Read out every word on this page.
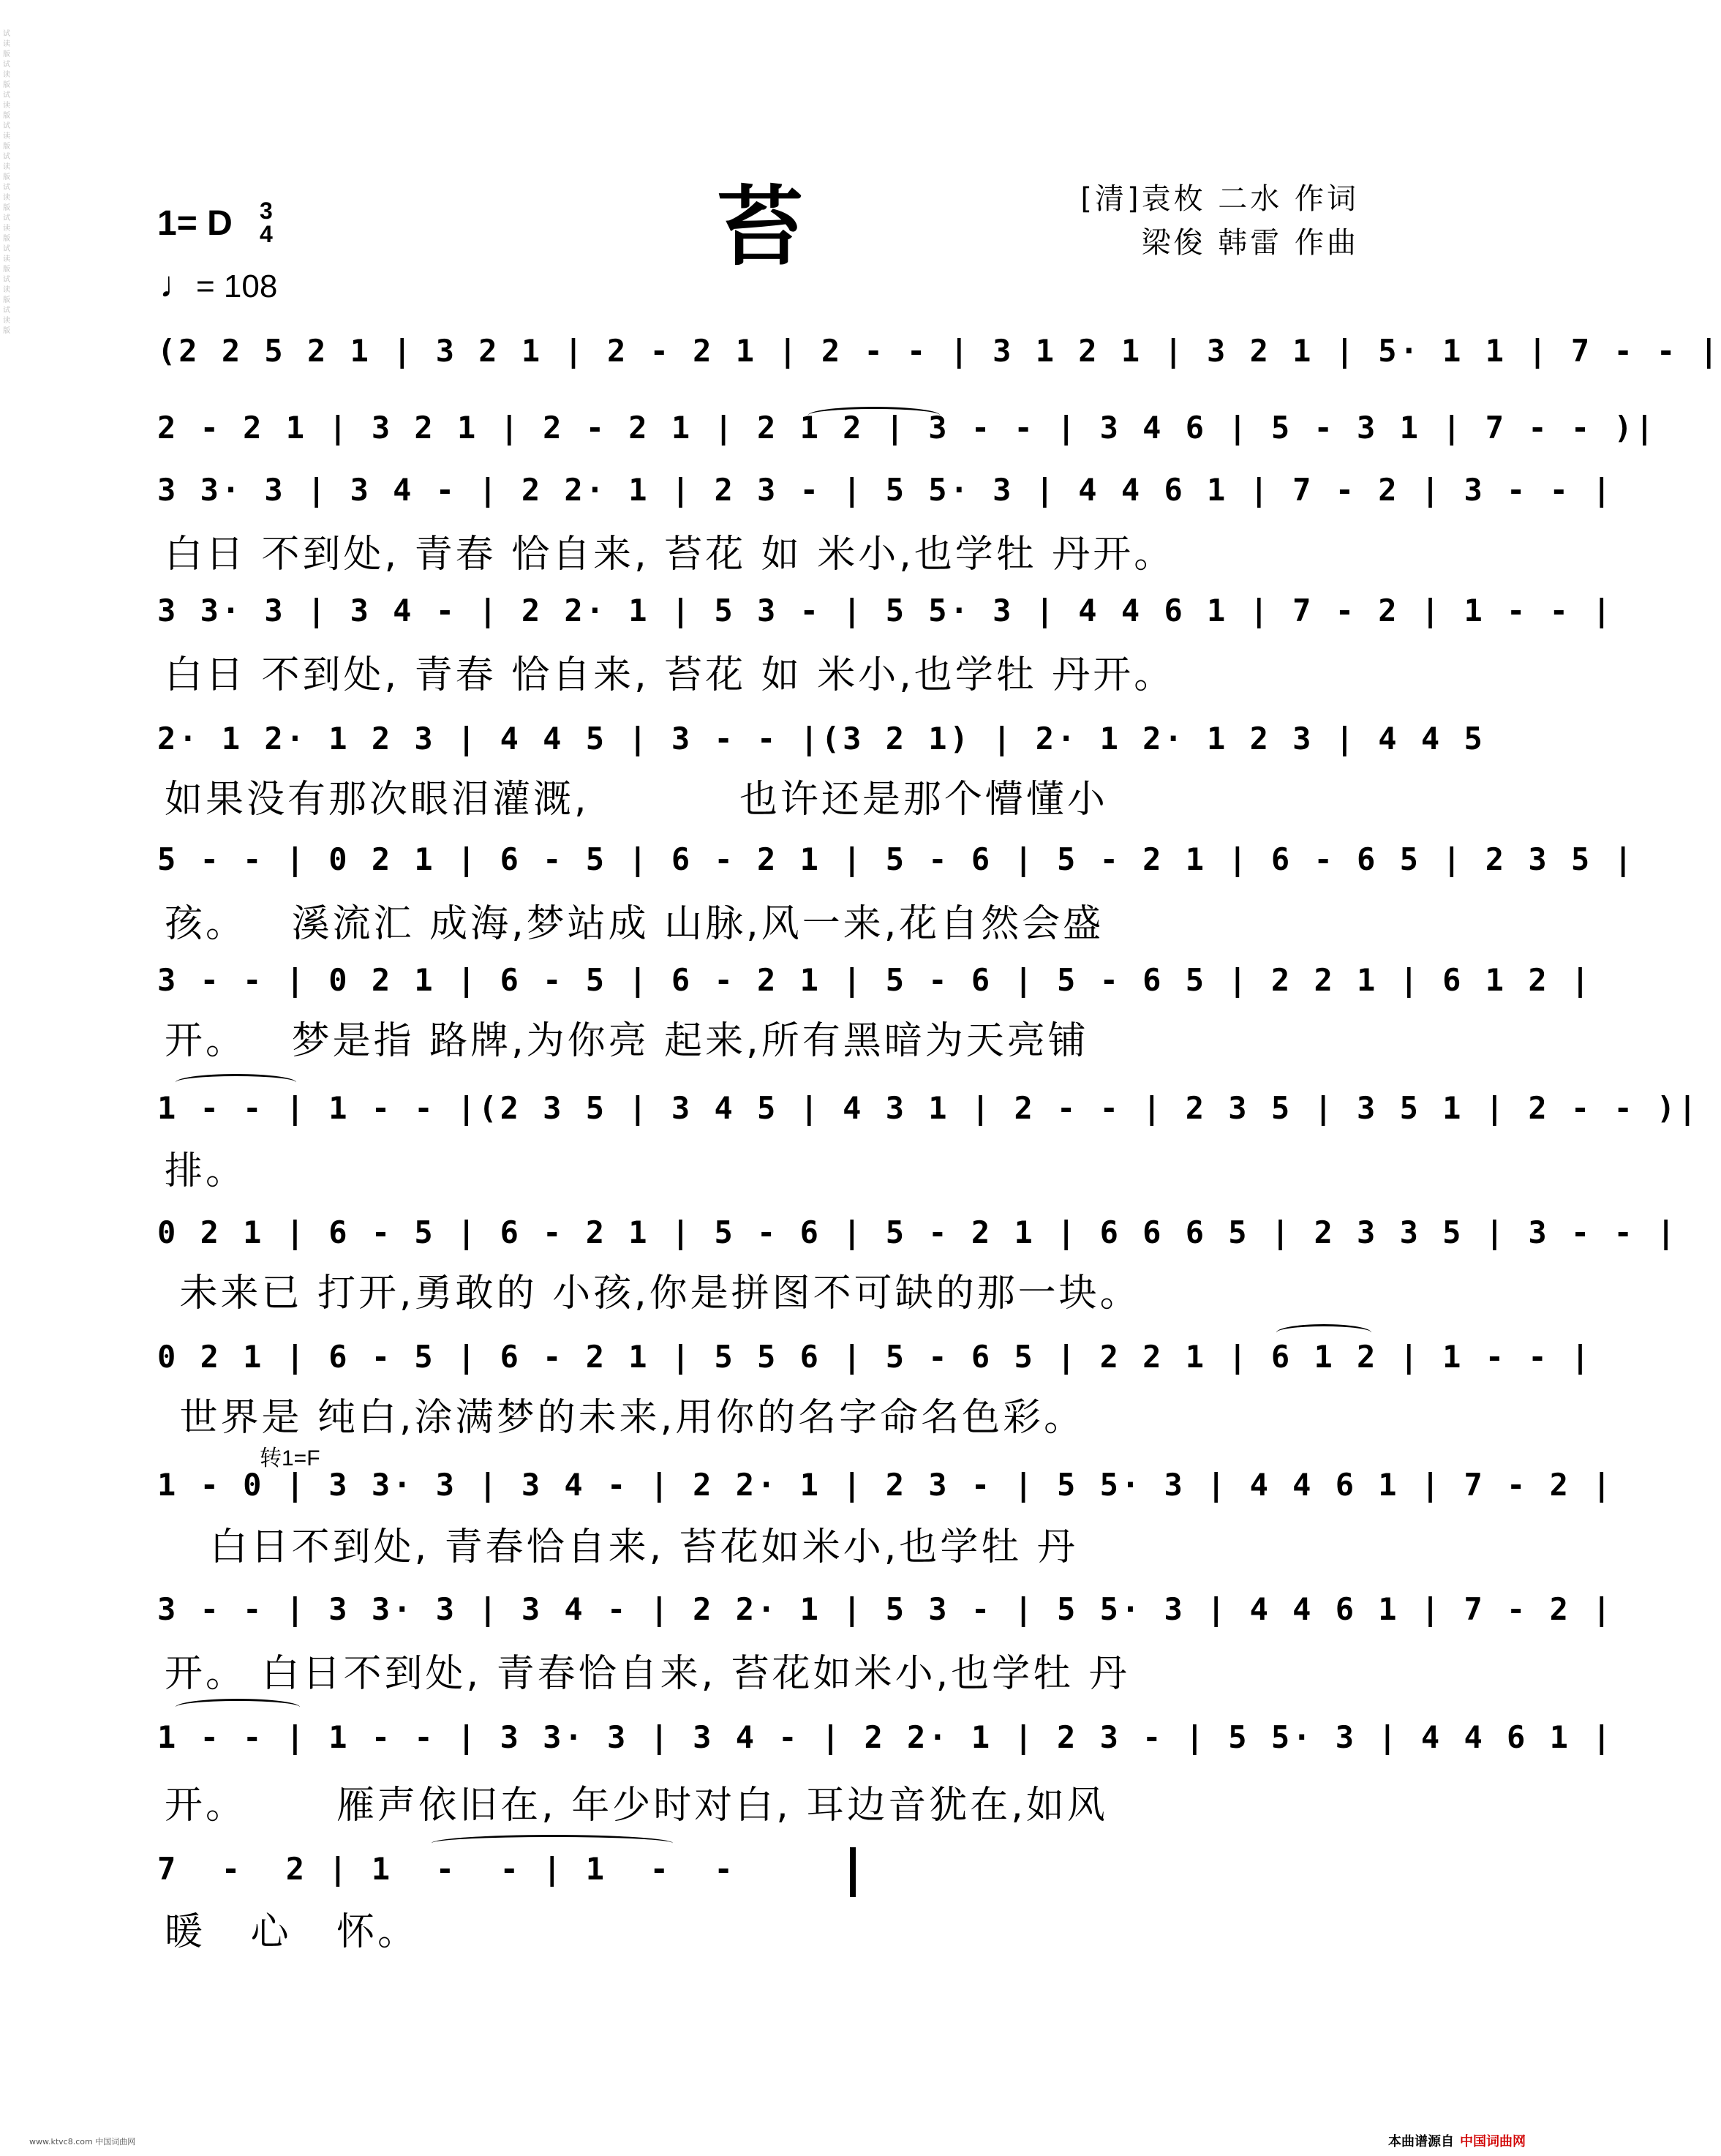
试读版 试读版 试读版 试读版 试读版 试读版 试读版 试读版 试读版 试读版
苔	[清]袁枚 二水 作词
梁俊 韩雷 作曲
1= D 3
4
♩= 108
(2 2 5 2 1 | 3 2 1 | 2 - 2 1 | 2 - - | 3 1 2 1 | 3 2 1 | 5· 1 1 | 7 - - |
2 - 2 1 | 3 2 1 | 2 - 2 1 | 2 1 2 | 3 - - | 3 4 6 | 5 - 3 1 | 7 - - )|
3 3· 3 | 3 4 - | 2 2· 1 | 2 3 - | 5 5· 3 | 4 4 6 1 | 7 - 2 | 3 - - |
白日 不到处, 青春 恰自来, 苔花 如 米小,也学牡 丹开。
3 3· 3 | 3 4 - | 2 2· 1 | 5 3 - | 5 5· 3 | 4 4 6 1 | 7 - 2 | 1 - - |
白日 不到处, 青春 恰自来, 苔花 如 米小,也学牡 丹开。
2· 1 2· 1 2 3 | 4 4 5 | 3 - - |(3 2 1) | 2· 1 2· 1 2 3 | 4 4 5
如果没有那次眼泪灌溉,          也许还是那个懵懂小
5 - - | 0 2 1 | 6 - 5 | 6 - 2 1 | 5 - 6 | 5 - 2 1 | 6 - 6 5 | 2 3 5 |
孩。   溪流汇 成海,梦站成 山脉,风一来,花自然会盛
3 - - | 0 2 1 | 6 - 5 | 6 - 2 1 | 5 - 6 | 5 - 6 5 | 2 2 1 | 6 1 2 |
开。   梦是指 路牌,为你亮 起来,所有黑暗为天亮铺
1 - - | 1 - - |(2 3 5 | 3 4 5 | 4 3 1 | 2 - - | 2 3 5 | 3 5 1 | 2 - - )|
排。
0 2 1 | 6 - 5 | 6 - 2 1 | 5 - 6 | 5 - 2 1 | 6 6 6 5 | 2 3 3 5 | 3 - - |
未来已 打开,勇敢的 小孩,你是拼图不可缺的那一块。
0 2 1 | 6 - 5 | 6 - 2 1 | 5 5 6 | 5 - 6 5 | 2 2 1 | 6 1 2 | 1 - - |
世界是 纯白,涂满梦的未来,用你的名字命名色彩。
转1=F
1 - 0 | 3 3· 3 | 3 4 - | 2 2· 1 | 2 3 - | 5 5· 3 | 4 4 6 1 | 7 - 2 |
白日不到处, 青春恰自来, 苔花如米小,也学牡 丹
3 - - | 3 3· 3 | 3 4 - | 2 2· 1 | 5 3 - | 5 5· 3 | 4 4 6 1 | 7 - 2 |
开。 白日不到处, 青春恰自来, 苔花如米小,也学牡 丹
1 - - | 1 - - | 3 3· 3 | 3 4 - | 2 2· 1 | 2 3 - | 5 5· 3 | 4 4 6 1 |
开。      雁声依旧在, 年少时对白, 耳边音犹在,如风
7  -  2 | 1  -  - | 1  -  -
暖   心   怀。
www.ktvc8.com 中国词曲网	本曲谱源自 中国词曲网
